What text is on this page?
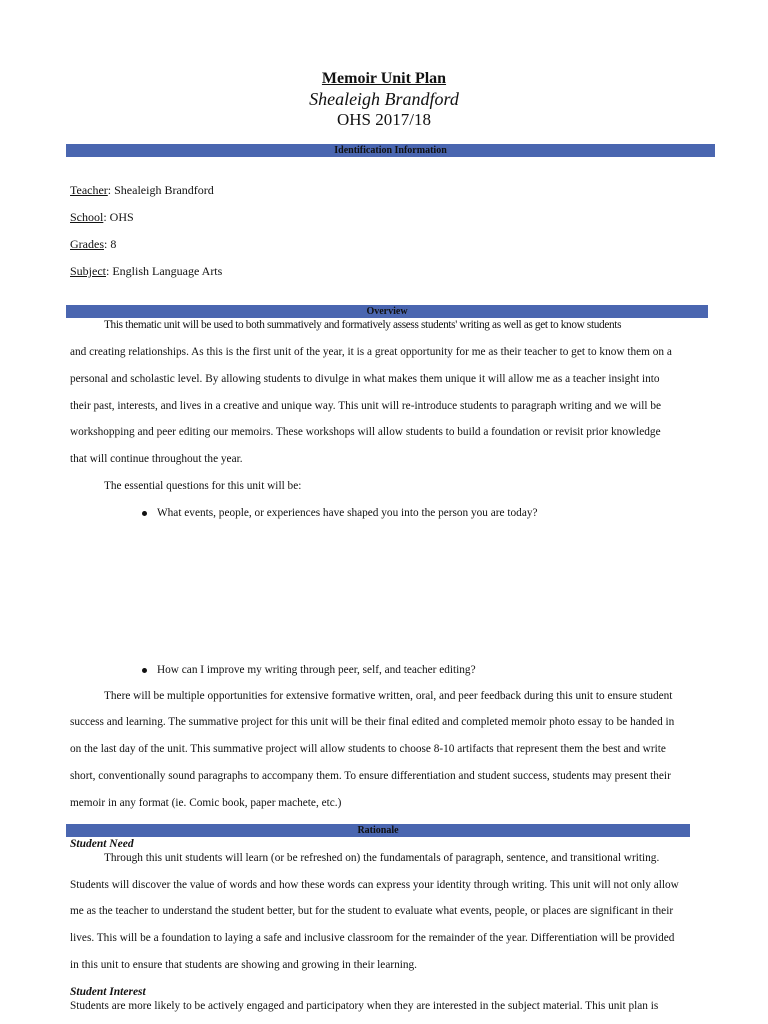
Memoir Unit Plan
Shealeigh Brandford
OHS 2017/18
Identification Information
Teacher: Shealeigh Brandford
School: OHS
Grades: 8
Subject: English Language Arts
Overview
This thematic unit will be used to both summatively and formatively assess students' writing as well as get to know students
and creating relationships. As this is the first unit of the year, it is a great opportunity for me as their teacher to get to know them on a
personal and scholastic level. By allowing students to divulge in what makes them unique it will allow me as a teacher insight into
their past, interests, and lives in a creative and unique way. This unit will re-introduce students to paragraph writing and we will be
workshopping and peer editing our memoirs. These workshops will allow students to build a foundation or revisit prior knowledge
that will continue throughout the year.
The essential questions for this unit will be:
What events, people, or experiences have shaped you into the person you are today?
How can I improve my writing through peer, self, and teacher editing?
There will be multiple opportunities for extensive formative written, oral, and peer feedback during this unit to ensure student
success and learning. The summative project for this unit will be their final edited and completed memoir photo essay to be handed in
on the last day of the unit. This summative project will allow students to choose 8-10 artifacts that represent them the best and write
short, conventionally sound paragraphs to accompany them. To ensure differentiation and student success, students may present their
memoir in any format (ie. Comic book, paper machete, etc.)
Rationale
Student Need
Through this unit students will learn (or be refreshed on) the fundamentals of paragraph, sentence, and transitional writing.
Students will discover the value of words and how these words can express your identity through writing. This unit will not only allow
me as the teacher to understand the student better, but for the student to evaluate what events, people, or places are significant in their
lives. This will be a foundation to laying a safe and inclusive classroom for the remainder of the year. Differentiation will be provided
in this unit to ensure that students are showing and growing in their learning.
Student Interest
Students are more likely to be actively engaged and participatory when they are interested in the subject material. This unit plan is
